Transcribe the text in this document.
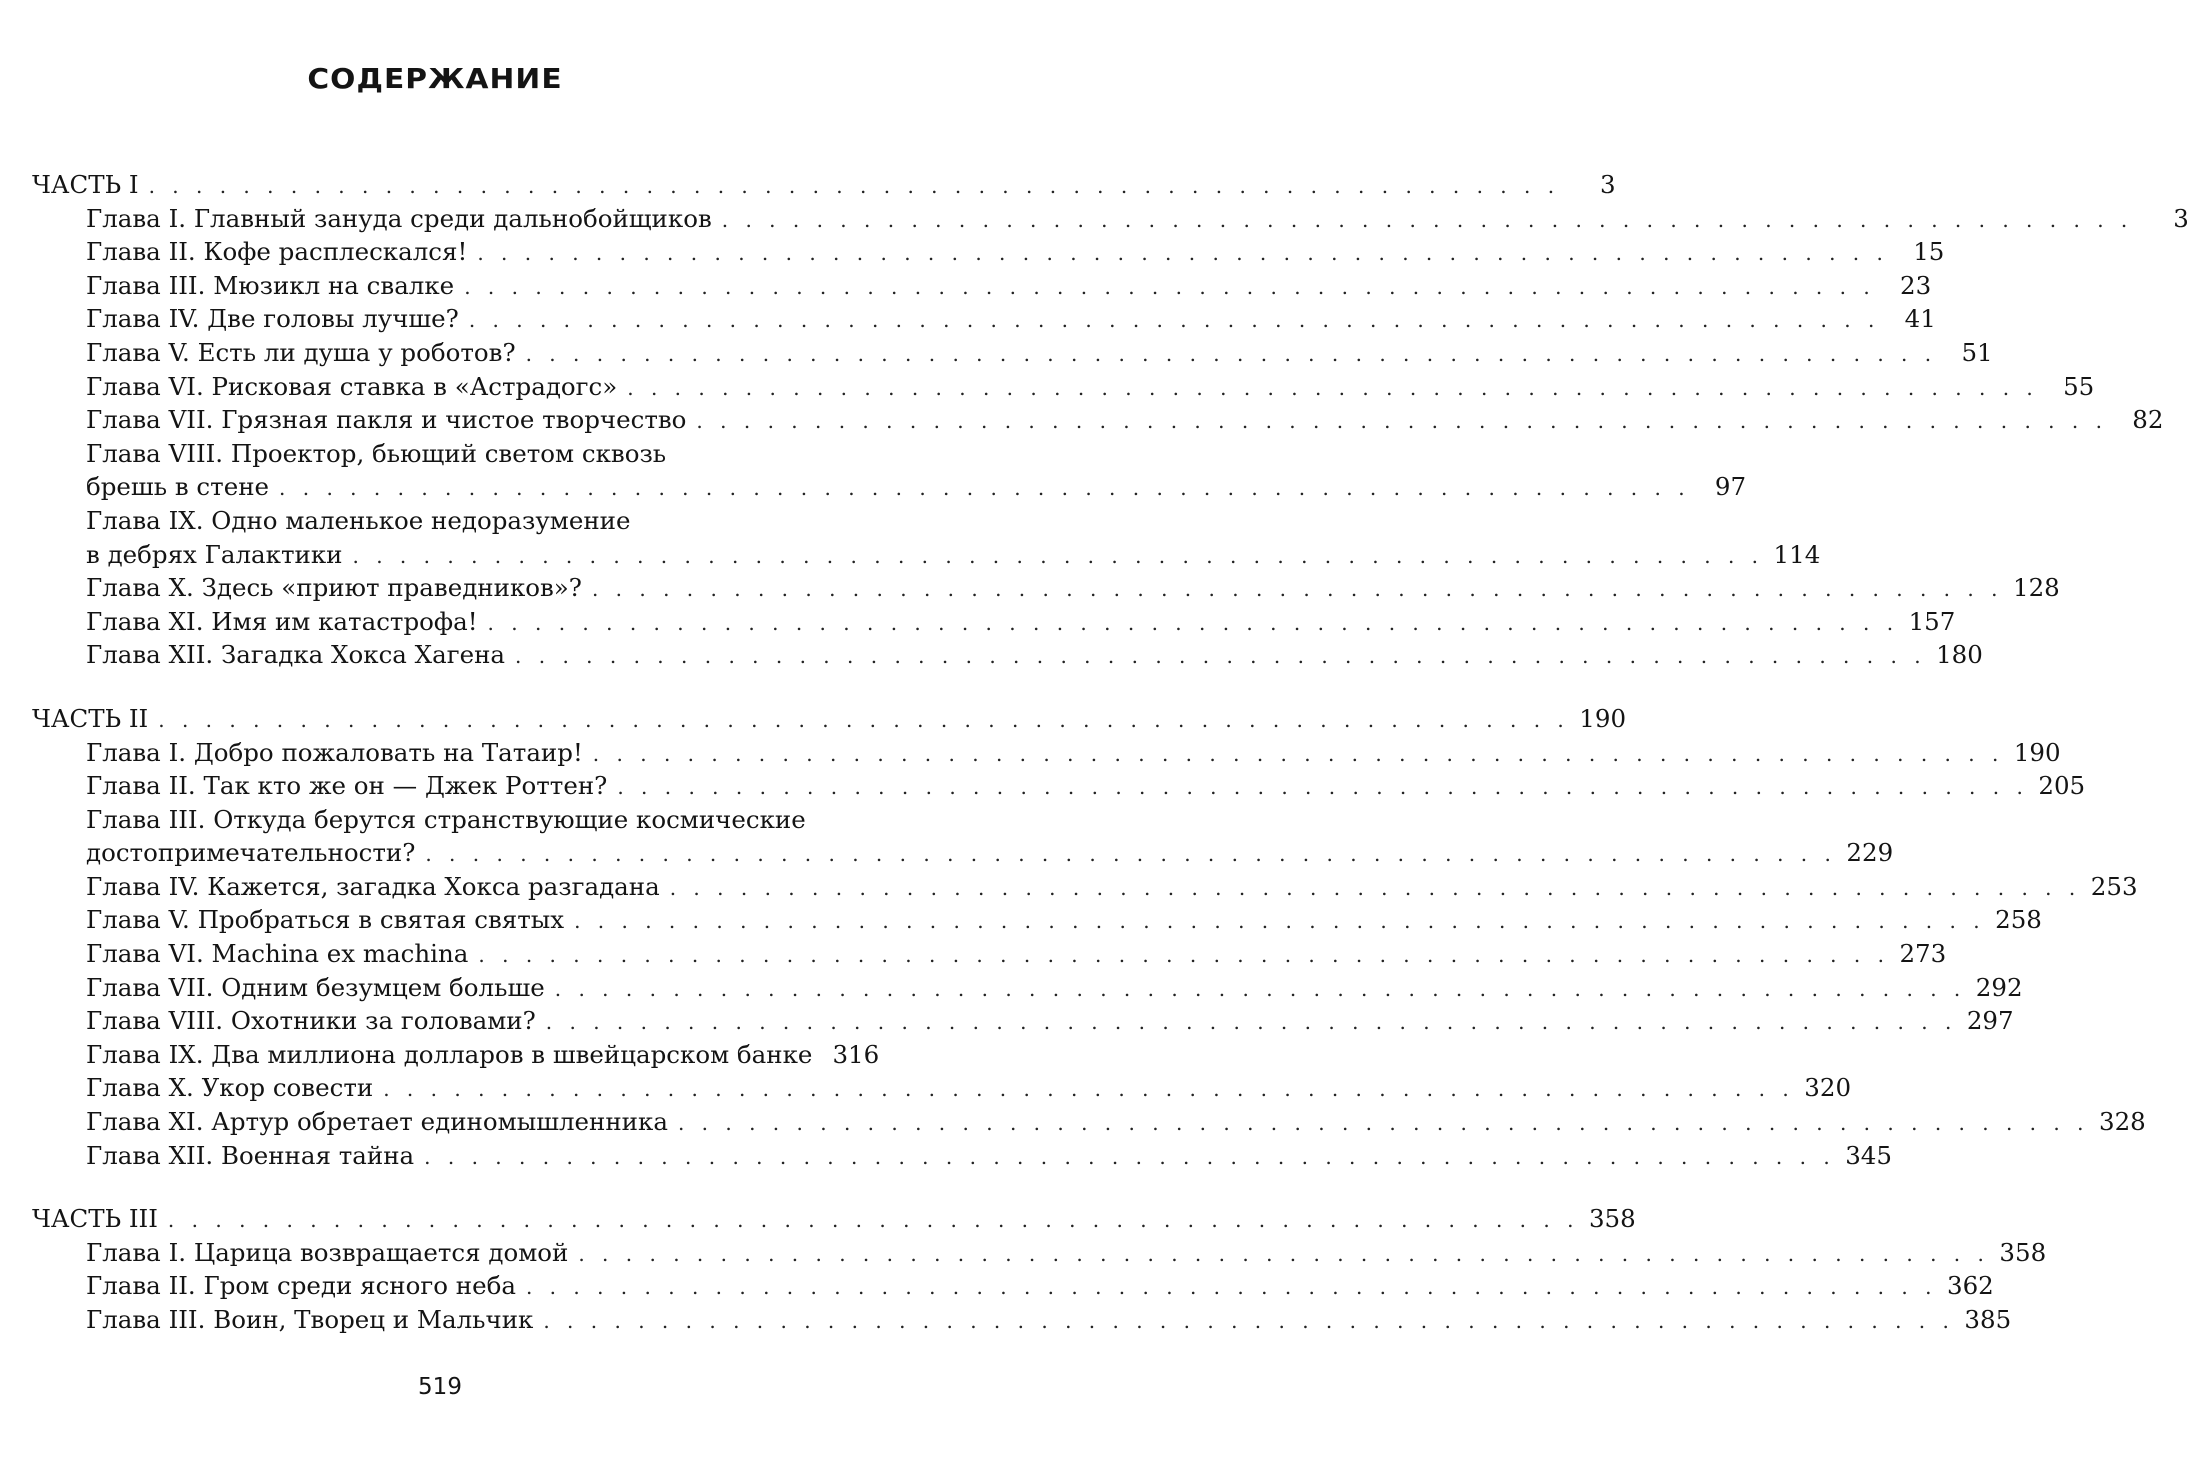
СОДЕРЖАНИЕ
ЧАСТЬ I . . . . . . . . . . . . . . . . . . . . . . . . . . . . . . . . . . . . . . . . . . . . . . . . . . . . . . . . . . . .	3
Глава I. Главный зануда среди дальнобойщиков . . . . . . . . . . . . . . . . . . . . . . . . . . . . . . . . . . . . . . . . . . . . . . . . . . . . . . . . . . . .	3
Глава II. Кофе расплескался! . . . . . . . . . . . . . . . . . . . . . . . . . . . . . . . . . . . . . . . . . . . . . . . . . . . . . . . . . . . .	15
Глава III. Мюзикл на свалке . . . . . . . . . . . . . . . . . . . . . . . . . . . . . . . . . . . . . . . . . . . . . . . . . . . . . . . . . . . .	23
Глава IV. Две головы лучше? . . . . . . . . . . . . . . . . . . . . . . . . . . . . . . . . . . . . . . . . . . . . . . . . . . . . . . . . . . . .	41
Глава V. Есть ли душа у роботов? . . . . . . . . . . . . . . . . . . . . . . . . . . . . . . . . . . . . . . . . . . . . . . . . . . . . . . . . . . . .	51
Глава VI. Рисковая ставка в «Астрадогс» . . . . . . . . . . . . . . . . . . . . . . . . . . . . . . . . . . . . . . . . . . . . . . . . . . . . . . . . . . . .	55
Глава VII. Грязная пакля и чистое творчество . . . . . . . . . . . . . . . . . . . . . . . . . . . . . . . . . . . . . . . . . . . . . . . . . . . . . . . . . . . .	82
Глава VIII. Проектор, бьющий светом сквозь
брешь в стене . . . . . . . . . . . . . . . . . . . . . . . . . . . . . . . . . . . . . . . . . . . . . . . . . . . . . . . . . . . .	97
Глава IX. Одно маленькое недоразумение
в дебрях Галактики . . . . . . . . . . . . . . . . . . . . . . . . . . . . . . . . . . . . . . . . . . . . . . . . . . . . . . . . . . . . 114
Глава X. Здесь «приют праведников»? . . . . . . . . . . . . . . . . . . . . . . . . . . . . . . . . . . . . . . . . . . . . . . . . . . . . . . . . . . . . 128
Глава XI. Имя им катастрофа! . . . . . . . . . . . . . . . . . . . . . . . . . . . . . . . . . . . . . . . . . . . . . . . . . . . . . . . . . . . . 157
Глава XII. Загадка Хокса Хагена . . . . . . . . . . . . . . . . . . . . . . . . . . . . . . . . . . . . . . . . . . . . . . . . . . . . . . . . . . . . 180
ЧАСТЬ II . . . . . . . . . . . . . . . . . . . . . . . . . . . . . . . . . . . . . . . . . . . . . . . . . . . . . . . . . . . . 190
Глава I. Добро пожаловать на Татаир! . . . . . . . . . . . . . . . . . . . . . . . . . . . . . . . . . . . . . . . . . . . . . . . . . . . . . . . . . . . . 190
Глава II. Так кто же он — Джек Роттен? . . . . . . . . . . . . . . . . . . . . . . . . . . . . . . . . . . . . . . . . . . . . . . . . . . . . . . . . . . . . 205
Глава III. Откуда берутся странствующие космические
достопримечательности? . . . . . . . . . . . . . . . . . . . . . . . . . . . . . . . . . . . . . . . . . . . . . . . . . . . . . . . . . . . . 229
Глава IV. Кажется, загадка Хокса разгадана . . . . . . . . . . . . . . . . . . . . . . . . . . . . . . . . . . . . . . . . . . . . . . . . . . . . . . . . . . . . 253
Глава V. Пробраться в святая святых . . . . . . . . . . . . . . . . . . . . . . . . . . . . . . . . . . . . . . . . . . . . . . . . . . . . . . . . . . . . 258
Глава VI. Machina ex machina . . . . . . . . . . . . . . . . . . . . . . . . . . . . . . . . . . . . . . . . . . . . . . . . . . . . . . . . . . . . 273
Глава VII. Одним безумцем больше . . . . . . . . . . . . . . . . . . . . . . . . . . . . . . . . . . . . . . . . . . . . . . . . . . . . . . . . . . . . 292
Глава VIII. Охотники за головами? . . . . . . . . . . . . . . . . . . . . . . . . . . . . . . . . . . . . . . . . . . . . . . . . . . . . . . . . . . . . 297
Глава IX. Два миллиона долларов в швейцарском банке 316
Глава X. Укор совести . . . . . . . . . . . . . . . . . . . . . . . . . . . . . . . . . . . . . . . . . . . . . . . . . . . . . . . . . . . . 320
Глава XI. Артур обретает единомышленника . . . . . . . . . . . . . . . . . . . . . . . . . . . . . . . . . . . . . . . . . . . . . . . . . . . . . . . . . . . . 328
Глава XII. Военная тайна . . . . . . . . . . . . . . . . . . . . . . . . . . . . . . . . . . . . . . . . . . . . . . . . . . . . . . . . . . . . 345
ЧАСТЬ III . . . . . . . . . . . . . . . . . . . . . . . . . . . . . . . . . . . . . . . . . . . . . . . . . . . . . . . . . . . . 358
Глава I. Царица возвращается домой . . . . . . . . . . . . . . . . . . . . . . . . . . . . . . . . . . . . . . . . . . . . . . . . . . . . . . . . . . . . 358
Глава II. Гром среди ясного неба . . . . . . . . . . . . . . . . . . . . . . . . . . . . . . . . . . . . . . . . . . . . . . . . . . . . . . . . . . . . 362
Глава III. Воин, Творец и Мальчик . . . . . . . . . . . . . . . . . . . . . . . . . . . . . . . . . . . . . . . . . . . . . . . . . . . . . . . . . . . . 385
519
